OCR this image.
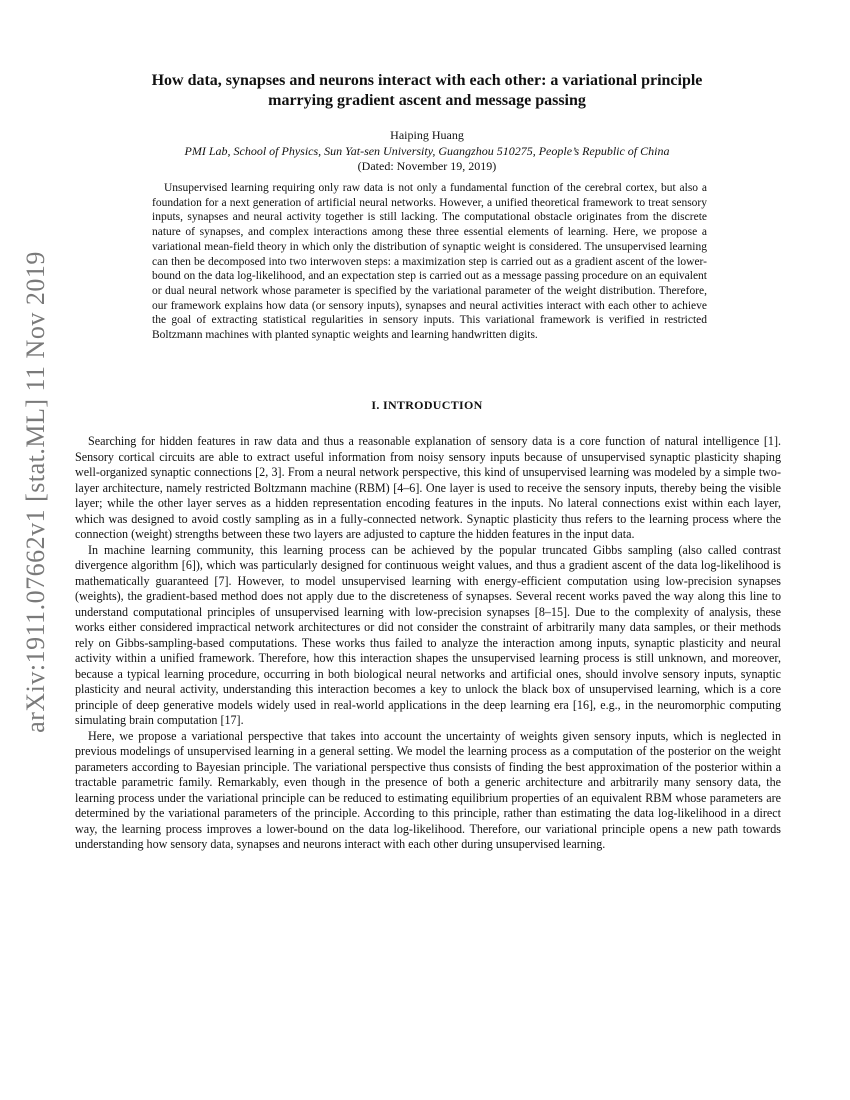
arXiv:1911.07662v1 [stat.ML] 11 Nov 2019
How data, synapses and neurons interact with each other: a variational principle
marrying gradient ascent and message passing
Haiping Huang
PMI Lab, School of Physics, Sun Yat-sen University, Guangzhou 510275, People’s Republic of China
(Dated: November 19, 2019)

Unsupervised learning requiring only raw data is not only a fundamental function of the cerebral cortex, but also a foundation for a next generation of artificial neural networks. However, a unified theoretical framework to treat sensory inputs, synapses and neural activity together is still lacking. The computational obstacle originates from the discrete nature of synapses, and complex interactions among these three essential elements of learning. Here, we propose a variational mean-field theory in which only the distribution of synaptic weight is considered. The unsupervised learning can then be decomposed into two interwoven steps: a maximization step is carried out as a gradient ascent of the lower-bound on the data log-likelihood, and an expectation step is carried out as a message passing procedure on an equivalent or dual neural network whose parameter is specified by the variational parameter of the weight distribution. Therefore, our framework explains how data (or sensory inputs), synapses and neural activities interact with each other to achieve the goal of extracting statistical regularities in sensory inputs. This variational framework is verified in restricted Boltzmann machines with planted synaptic weights and learning handwritten digits.

I. INTRODUCTION

Searching for hidden features in raw data and thus a reasonable explanation of sensory data is a core function of natural intelligence [1]. Sensory cortical circuits are able to extract useful information from noisy sensory inputs because of unsupervised synaptic plasticity shaping well-organized synaptic connections [2, 3]. From a neural network perspective, this kind of unsupervised learning was modeled by a simple two-layer architecture, namely restricted Boltzmann machine (RBM) [4–6]. One layer is used to receive the sensory inputs, thereby being the visible layer; while the other layer serves as a hidden representation encoding features in the inputs. No lateral connections exist within each layer, which was designed to avoid costly sampling as in a fully-connected network. Synaptic plasticity thus refers to the learning process where the connection (weight) strengths between these two layers are adjusted to capture the hidden features in the input data.

In machine learning community, this learning process can be achieved by the popular truncated Gibbs sampling (also called contrast divergence algorithm [6]), which was particularly designed for continuous weight values, and thus a gradient ascent of the data log-likelihood is mathematically guaranteed [7]. However, to model unsupervised learning with energy-efficient computation using low-precision synapses (weights), the gradient-based method does not apply due to the discreteness of synapses. Several recent works paved the way along this line to understand computational principles of unsupervised learning with low-precision synapses [8–15]. Due to the complexity of analysis, these works either considered impractical network architectures or did not consider the constraint of arbitrarily many data samples, or their methods rely on Gibbs-sampling-based computations. These works thus failed to analyze the interaction among inputs, synaptic plasticity and neural activity within a unified framework. Therefore, how this interaction shapes the unsupervised learning process is still unknown, and moreover, because a typical learning procedure, occurring in both biological neural networks and artificial ones, should involve sensory inputs, synaptic plasticity and neural activity, understanding this interaction becomes a key to unlock the black box of unsupervised learning, which is a core principle of deep generative models widely used in real-world applications in the deep learning era [16], e.g., in the neuromorphic computing simulating brain computation [17].

Here, we propose a variational perspective that takes into account the uncertainty of weights given sensory inputs, which is neglected in previous modelings of unsupervised learning in a general setting. We model the learning process as a computation of the posterior on the weight parameters according to Bayesian principle. The variational perspective thus consists of finding the best approximation of the posterior within a tractable parametric family. Remarkably, even though in the presence of both a generic architecture and arbitrarily many sensory data, the learning process under the variational principle can be reduced to estimating equilibrium properties of an equivalent RBM whose parameters are determined by the variational parameters of the principle. According to this principle, rather than estimating the data log-likelihood in a direct way, the learning process improves a lower-bound on the data log-likelihood. Therefore, our variational principle opens a new path towards understanding how sensory data, synapses and neurons interact with each other during unsupervised learning.
